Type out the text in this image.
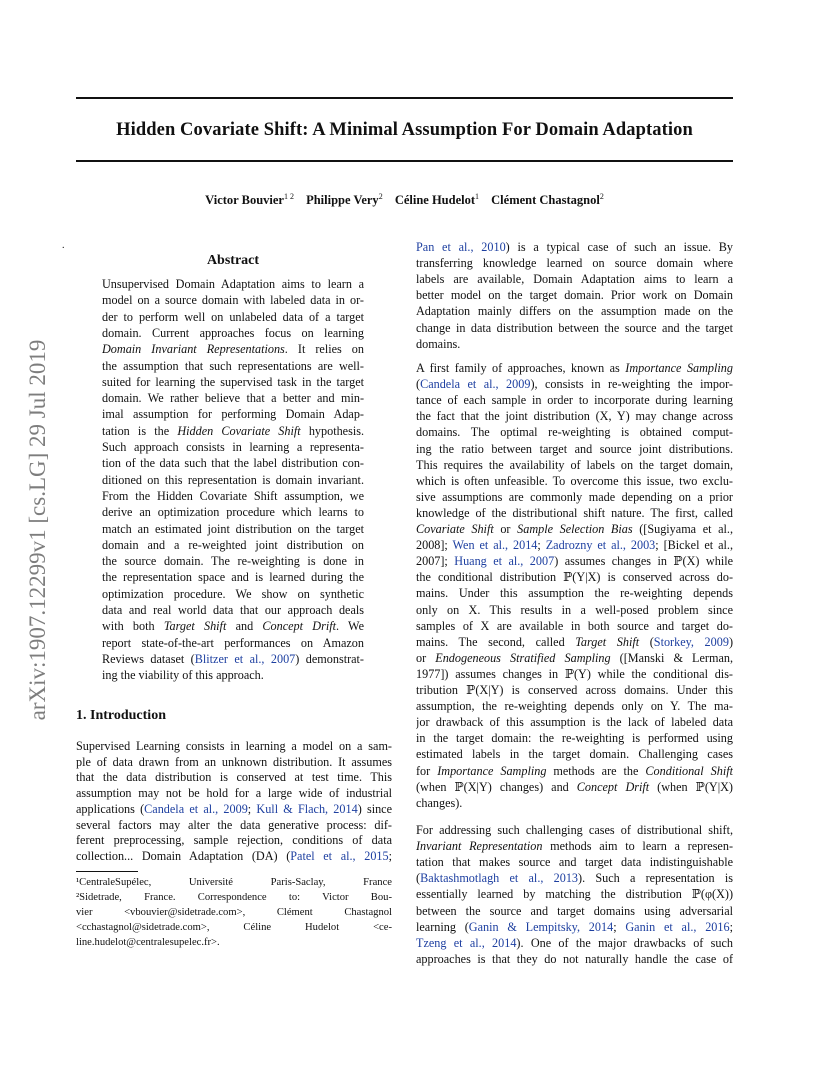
Hidden Covariate Shift: A Minimal Assumption For Domain Adaptation
Victor Bouvier$^{1 2}$ Philippe Very$^2$ Céline Hudelot$^1$ Clément Chastagnol$^2$
.
arXiv:1907.12299v1 [cs.LG] 29 Jul 2019
Abstract
Unsupervised Domain Adaptation aims to learn a
model on a source domain with labeled data in or-
der to perform well on unlabeled data of a target
domain. Current approaches focus on learning
Domain Invariant Representations. It relies on
the assumption that such representations are well-
suited for learning the supervised task in the target
domain. We rather believe that a better and min-
imal assumption for performing Domain Adap-
tation is the Hidden Covariate Shift hypothesis.
Such approach consists in learning a representa-
tion of the data such that the label distribution con-
ditioned on this representation is domain invariant.
From the Hidden Covariate Shift assumption, we
derive an optimization procedure which learns to
match an estimated joint distribution on the target
domain and a re-weighted joint distribution on
the source domain. The re-weighting is done in
the representation space and is learned during the
optimization procedure. We show on synthetic
data and real world data that our approach deals
with both Target Shift and Concept Drift. We
report state-of-the-art performances on Amazon
Reviews dataset (Blitzer et al., 2007) demonstrat-
ing the viability of this approach.
1. Introduction
Supervised Learning consists in learning a model on a sam-
ple of data drawn from an unknown distribution. It assumes
that the data distribution is conserved at test time. This
assumption may not be hold for a large wide of industrial
applications (Candela et al., 2009; Kull & Flach, 2014) since
several factors may alter the data generative process: dif-
ferent preprocessing, sample rejection, conditions of data
collection... Domain Adaptation (DA) (Patel et al., 2015;
¹CentraleSupélec, Université Paris-Saclay, France
²Sidetrade, France. Correspondence to: Victor Bou-
vier <vbouvier@sidetrade.com>, Clément Chastagnol
<cchastagnol@sidetrade.com>, Céline Hudelot <ce-
line.hudelot@centralesupelec.fr>.
Pan et al., 2010) is a typical case of such an issue. By
transferring knowledge learned on source domain where
labels are available, Domain Adaptation aims to learn a
better model on the target domain. Prior work on Domain
Adaptation mainly differs on the assumption made on the
change in data distribution between the source and the target
domains.
A first family of approaches, known as Importance Sampling
(Candela et al., 2009), consists in re-weighting the impor-
tance of each sample in order to incorporate during learning
the fact that the joint distribution (X, Y) may change across
domains. The optimal re-weighting is obtained comput-
ing the ratio between target and source joint distributions.
This requires the availability of labels on the target domain,
which is often unfeasible. To overcome this issue, two exclu-
sive assumptions are commonly made depending on a prior
knowledge of the distributional shift nature. The first, called
Covariate Shift or Sample Selection Bias ([Sugiyama et al.,
2008]; Wen et al., 2014; Zadrozny et al., 2003; [Bickel et al.,
2007]; Huang et al., 2007) assumes changes in ℙ(X) while
the conditional distribution ℙ(Y|X) is conserved across do-
mains. Under this assumption the re-weighting depends
only on X. This results in a well-posed problem since
samples of X are available in both source and target do-
mains. The second, called Target Shift (Storkey, 2009)
or Endogeneous Stratified Sampling ([Manski & Lerman,
1977]) assumes changes in ℙ(Y) while the conditional dis-
tribution ℙ(X|Y) is conserved across domains. Under this
assumption, the re-weighting depends only on Y. The ma-
jor drawback of this assumption is the lack of labeled data
in the target domain: the re-weighting is performed using
estimated labels in the target domain. Challenging cases
for Importance Sampling methods are the Conditional Shift
(when ℙ(X|Y) changes) and Concept Drift (when ℙ(Y|X)
changes).
For addressing such challenging cases of distributional shift,
Invariant Representation methods aim to learn a represen-
tation that makes source and target data indistinguishable
(Baktashmotlagh et al., 2013). Such a representation is
essentially learned by matching the distribution ℙ(φ(X))
between the source and target domains using adversarial
learning (Ganin & Lempitsky, 2014; Ganin et al., 2016;
Tzeng et al., 2014). One of the major drawbacks of such
approaches is that they do not naturally handle the case of
